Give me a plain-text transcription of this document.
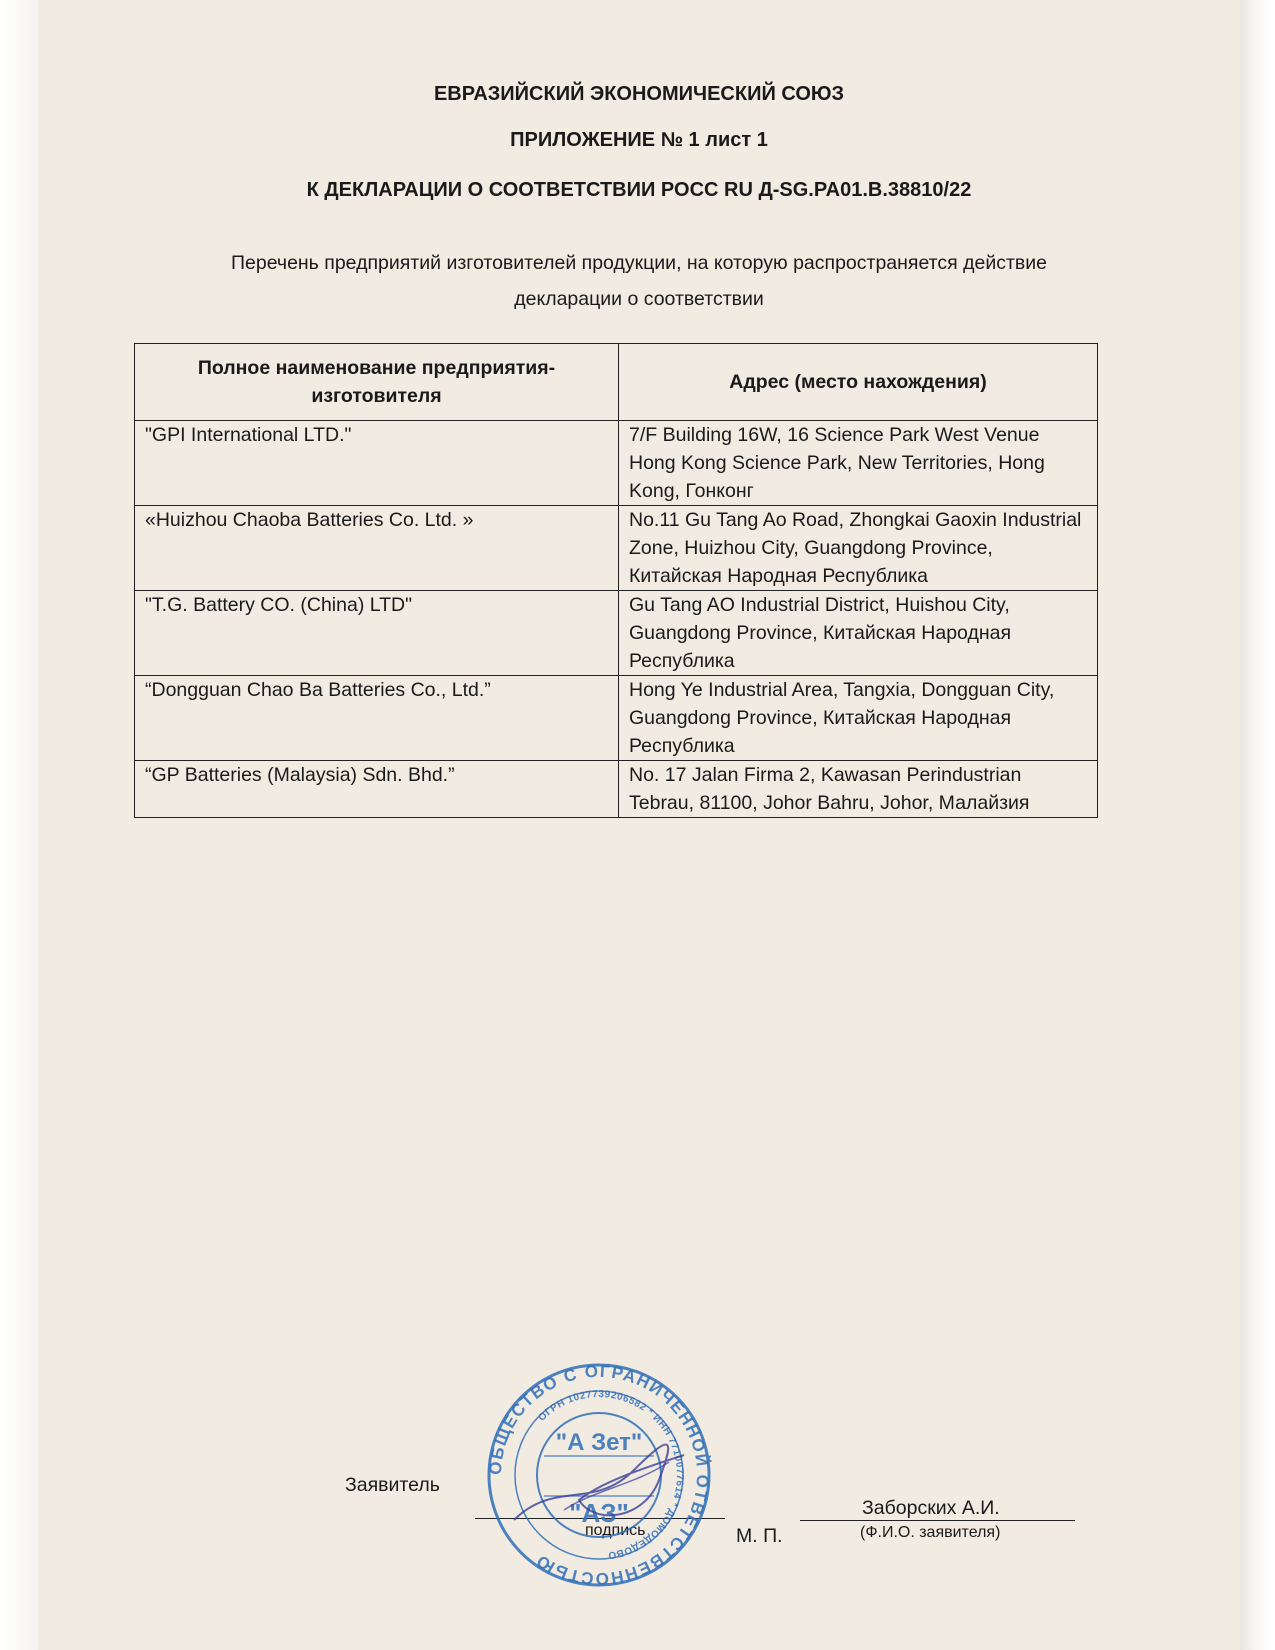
ЕВРАЗИЙСКИЙ ЭКОНОМИЧЕСКИЙ СОЮЗ
ПРИЛОЖЕНИЕ № 1 лист 1
К ДЕКЛАРАЦИИ О СООТВЕТСТВИИ РОСС RU Д-SG.PA01.B.38810/22
Перечень предприятий изготовителей продукции, на которую распространяется действие
декларации о соответствии
Полное наименование предприятия-изготовителя	Адрес (место нахождения)
"GPI International LTD."	7/F Building 16W, 16 Science Park West Venue Hong Kong Science Park, New Territories, Hong Kong, Гонконг
«Huizhou Chaoba Batteries Co. Ltd. »	No.11 Gu Tang Ao Road, Zhongkai Gaoxin Industrial Zone, Huizhou City, Guangdong Province, Китайская Народная Республика
"T.G. Battery CO. (China) LTD"	Gu Tang AO Industrial District, Huishou City, Guangdong Province, Китайская Народная Республика
“Dongguan Chao Ba Batteries Co., Ltd.”	Hong Ye Industrial Area, Tangxia, Dongguan City, Guangdong Province, Китайская Народная Республика
“GP Batteries (Malaysia) Sdn. Bhd.”	No. 17 Jalan Firma 2, Kawasan Perindustrian Tebrau, 81100, Johor Bahru, Johor, Малайзия
Заявитель
подпись	М. П.
Заборских А.И.
(Ф.И.О. заявителя)
ОБЩЕСТВО С ОГРАНИЧЕННОЙ ОТВЕТСТВЕННОСТЬЮ
ОГРН 1027739206582 * ИНН 7710077614 * ДОМОДЕДОВО
"А Зет"
"АЗ"
